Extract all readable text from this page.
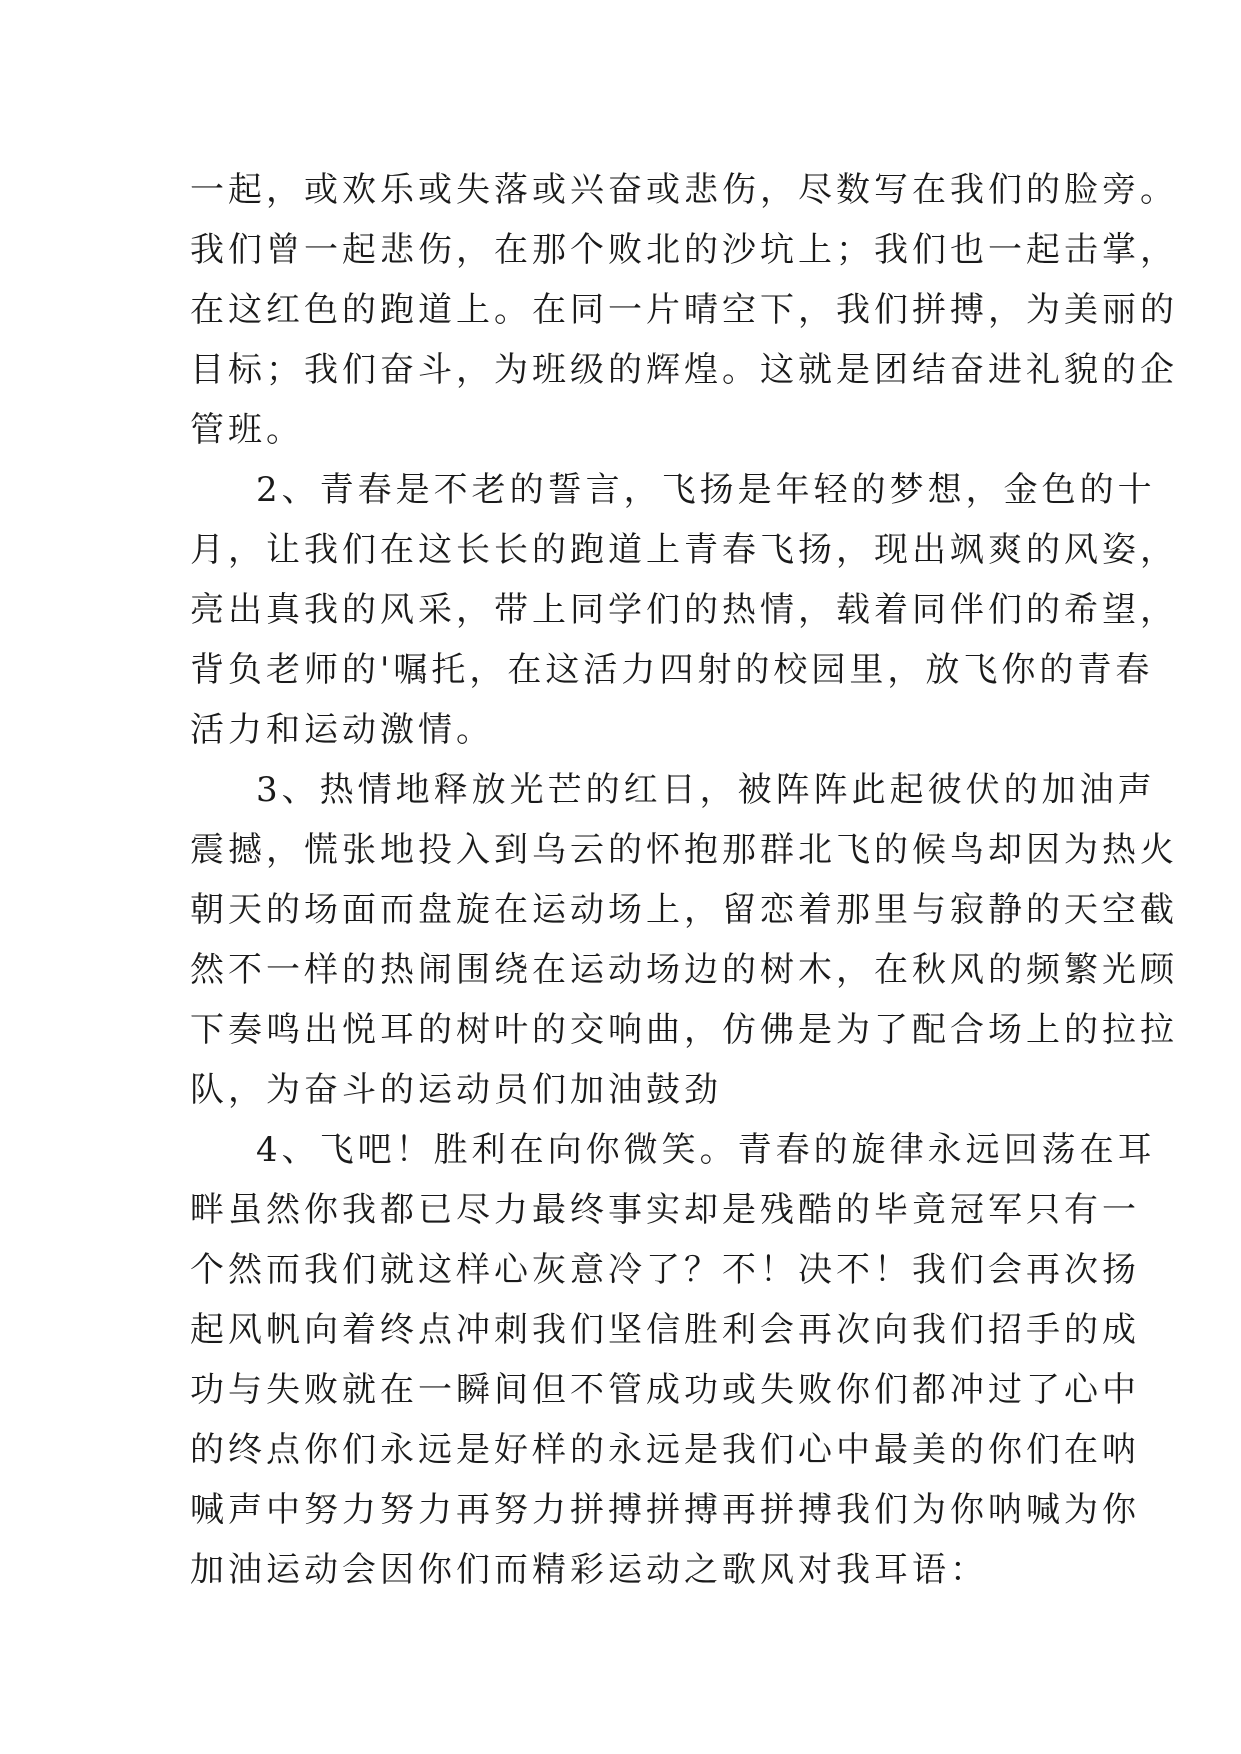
一起，或欢乐或失落或兴奋或悲伤，尽数写在我们的脸旁。
我们曾一起悲伤，在那个败北的沙坑上；我们也一起击掌，
在这红色的跑道上。在同一片晴空下，我们拼搏，为美丽的
目标；我们奋斗，为班级的辉煌。这就是团结奋进礼貌的企
管班。
2、青春是不老的誓言，飞扬是年轻的梦想，金色的十
月，让我们在这长长的跑道上青春飞扬，现出飒爽的风姿，
亮出真我的风采，带上同学们的热情，载着同伴们的希望，
背负老师的'嘱托，在这活力四射的校园里，放飞你的青春
活力和运动激情。
3、热情地释放光芒的红日，被阵阵此起彼伏的加油声
震撼，慌张地投入到乌云的怀抱那群北飞的候鸟却因为热火
朝天的场面而盘旋在运动场上，留恋着那里与寂静的天空截
然不一样的热闹围绕在运动场边的树木，在秋风的频繁光顾
下奏鸣出悦耳的树叶的交响曲，仿佛是为了配合场上的拉拉
队，为奋斗的运动员们加油鼓劲
4、飞吧！胜利在向你微笑。青春的旋律永远回荡在耳
畔虽然你我都已尽力最终事实却是残酷的毕竟冠军只有一
个然而我们就这样心灰意冷了？不！决不！我们会再次扬
起风帆向着终点冲刺我们坚信胜利会再次向我们招手的成
功与失败就在一瞬间但不管成功或失败你们都冲过了心中
的终点你们永远是好样的永远是我们心中最美的你们在呐
喊声中努力努力再努力拼搏拼搏再拼搏我们为你呐喊为你
加油运动会因你们而精彩运动之歌风对我耳语：
